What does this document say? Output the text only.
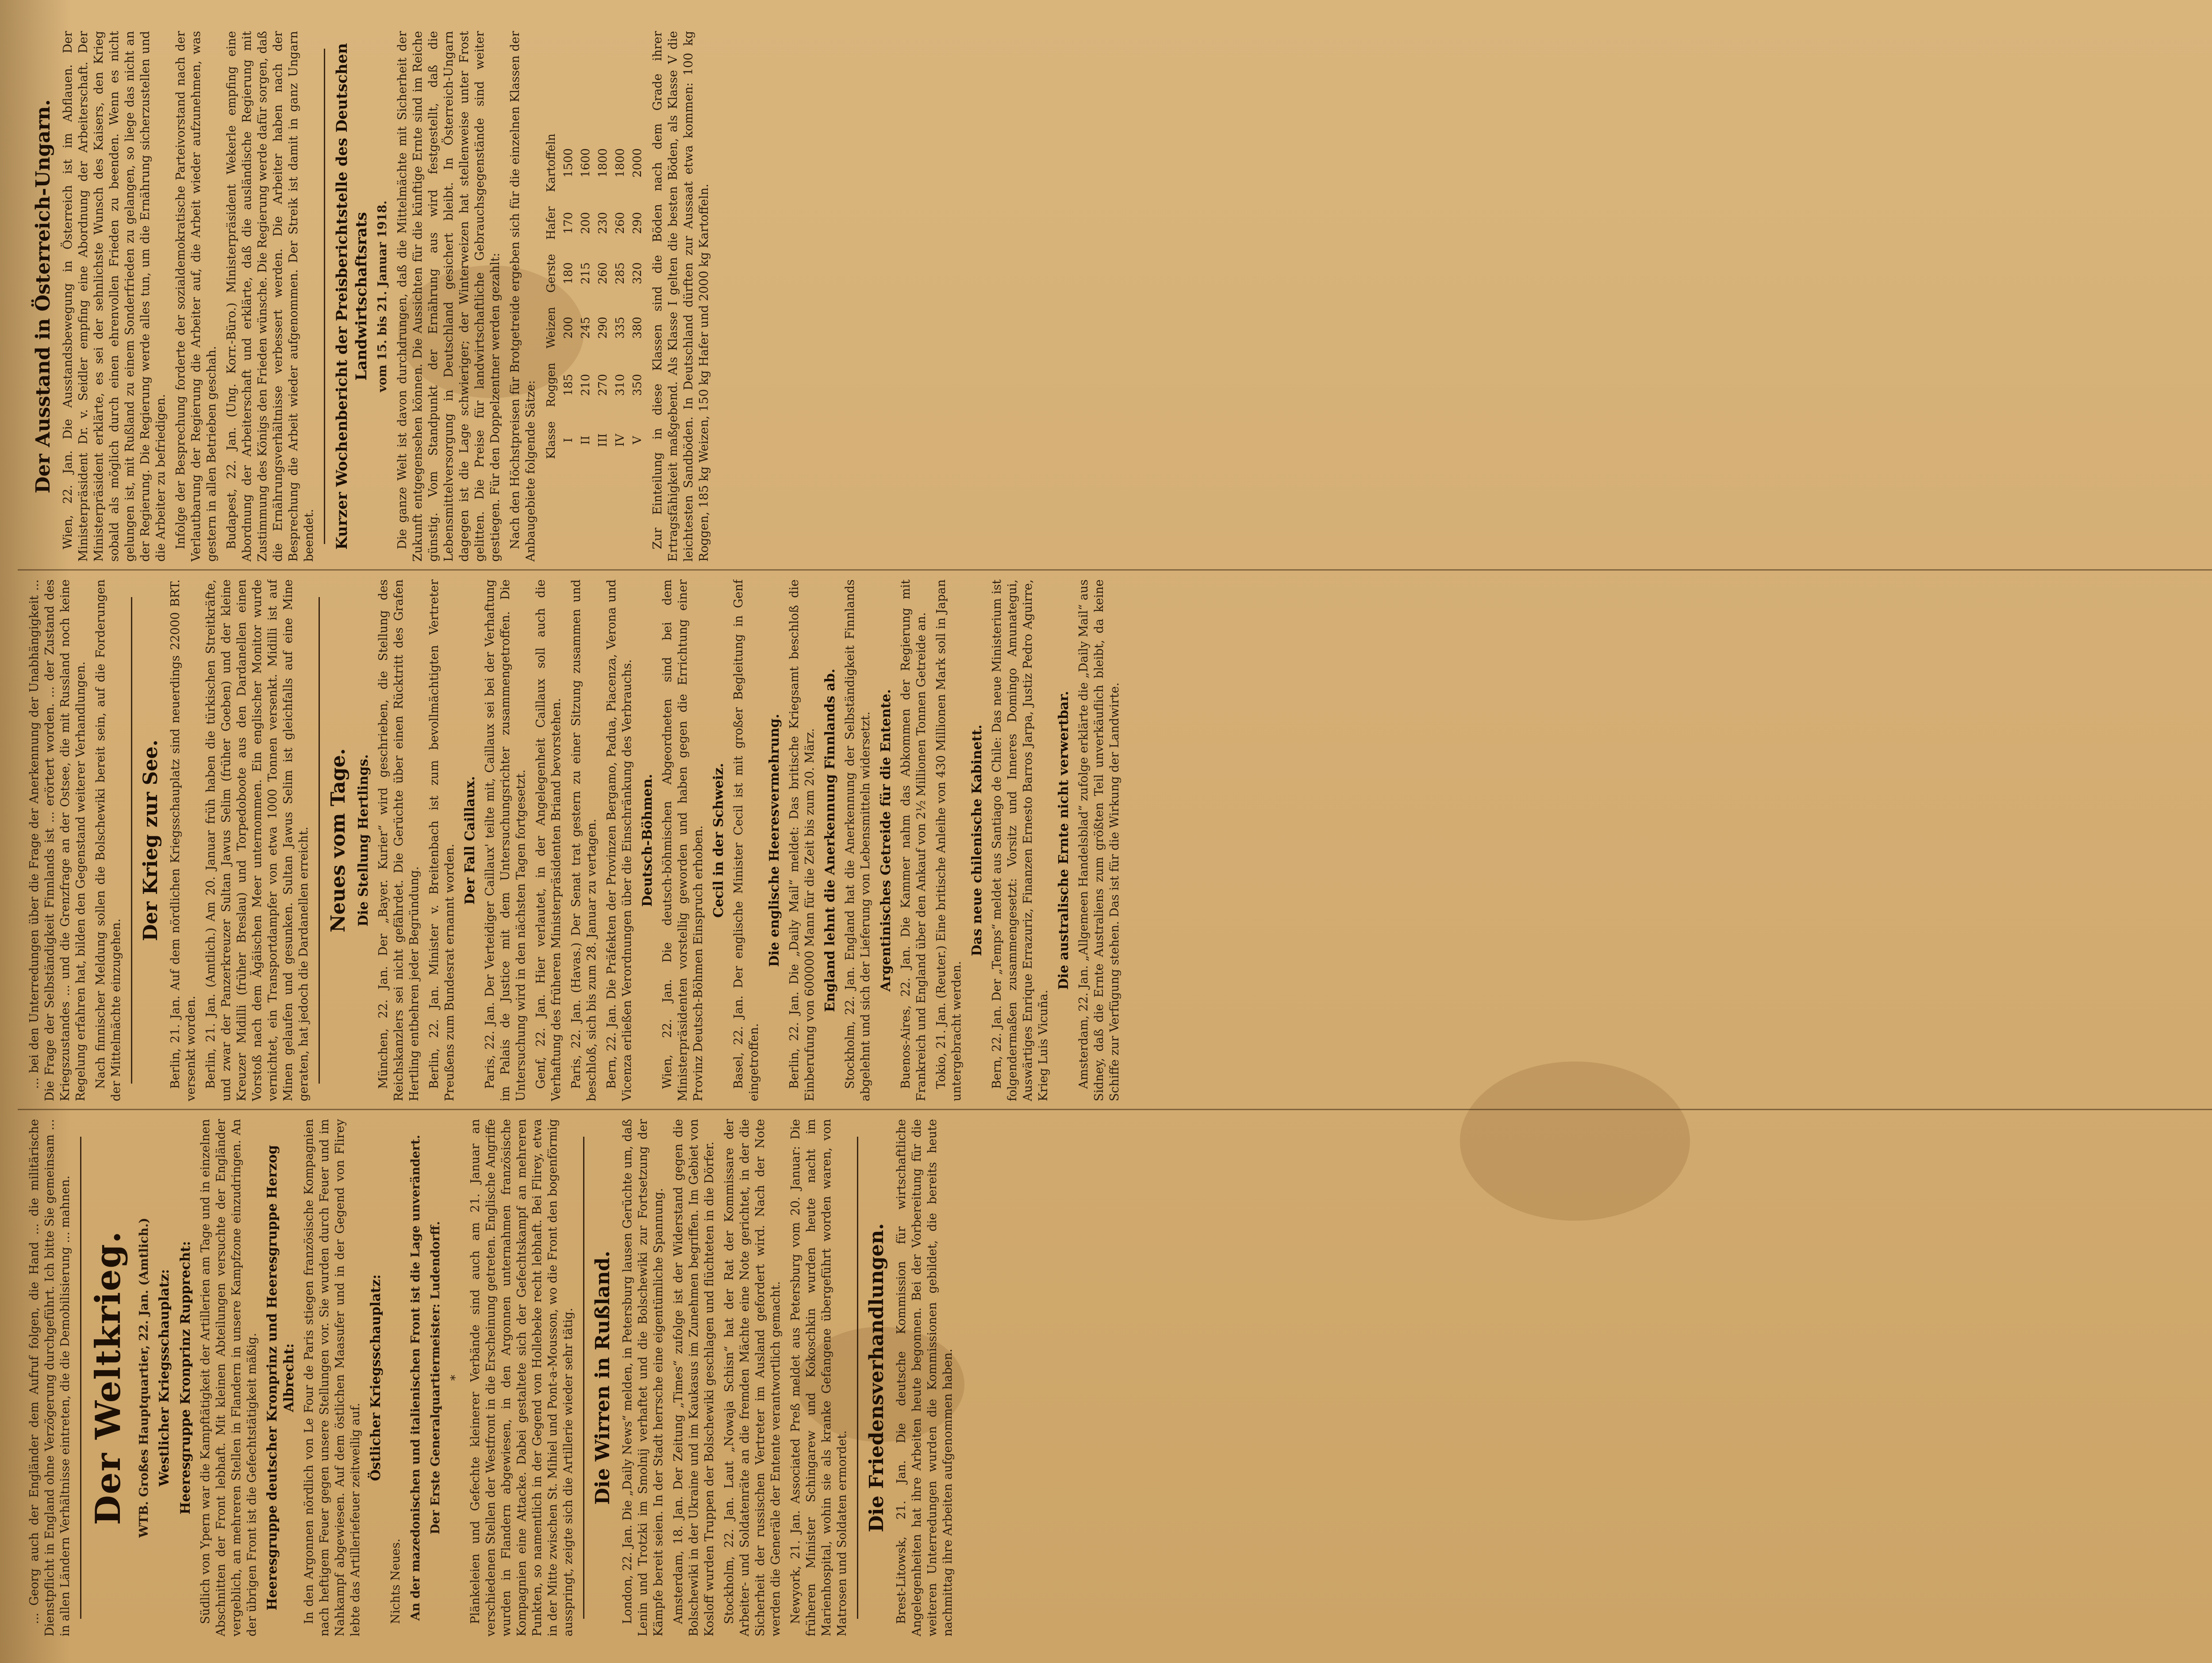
... Georg auch der Engländer dem Aufruf folgen, die Hand ... die militärische Dienstpflicht in England ohne Verzögerung durchgeführt. Ich bitte Sie gemeinsam ... in allen Ländern Verhältnisse eintreten, die die Demobilisierung ... mahnen. Der Weltkrieg. WTB. Großes Hauptquartier, 22. Jan. (Amtlich.) Westlicher Kriegsschauplatz: Heeresgruppe Kronprinz Rupprecht: Südlich von Ypern war die Kampftätigkeit der Artillerien am Tage und in einzelnen Abschnitten der Front lebhaft. Mit kleinen Abteilungen versuchte der Engländer vergeblich, an mehreren Stellen in Flandern in unsere Kampfzone einzudringen. An der übrigen Front ist die Gefechtstätigkeit mäßig. Heeresgruppe deutscher Kronprinz und Heeresgruppe Herzog Albrecht: In den Argonnen nördlich von Le Four de Paris stiegen französische Kompagnien nach heftigem Feuer gegen unsere Stellungen vor. Sie wurden durch Feuer und im Nahkampf abgewiesen. Auf dem östlichen Maasufer und in der Gegend von Flirey lebte das Artilleriefeuer zeitweilig auf.

Östlicher Kriegsschauplatz:

Nichts Neues. An der mazedonischen und italienischen Front ist die Lage unverändert. Der Erste Generalquartiermeister: Ludendorff. * Plänkeleien und Gefechte kleinerer Verbände sind auch am 21. Januar an verschiedenen Stellen der Westfront in die Erscheinung getreten. Englische Angriffe wurden in Flandern abgewiesen, in den Argonnen unternahmen französische Kompagnien eine Attacke. Dabei gestaltete sich der Gefechtskampf an mehreren Punkten, so namentlich in der Gegend von Hollebeke recht lebhaft. Bei Flirey, etwa in der Mitte zwischen St. Mihiel und Pont-a-Mousson, wo die Front den bogenförmig ausspringt, zeigte sich die Artillerie wieder sehr tätig. Die Wirren in Rußland. London, 22. Jan. Die „Daily News“ melden, in Petersburg lausen Gerüchte um, daß Lenin und Trotzki im Smolnij verhaftet und die Bolschewiki zur Fortsetzung der Kämpfe bereit seien. In der Stadt herrsche eine eigentümliche Spannung. Amsterdam, 18. Jan. Der Zeitung „Times“ zufolge ist der Widerstand gegen die Bolschewiki in der Ukraine und im Kaukasus im Zunehmen begriffen. Im Gebiet von Kosloff wurden Truppen der Bolschewiki geschlagen und flüchteten in die Dörfer. Stockholm, 22. Jan. Laut „Nowaja Schisn“ hat der Rat der Kommissare der Arbeiter- und Soldatenräte an die fremden Mächte eine Note gerichtet, in der die Sicherheit der russischen Vertreter im Ausland gefordert wird. Nach der Note werden die Generäle der Entente verantwortlich gemacht. Newyork, 21. Jan. Associated Preß meldet aus Petersburg vom 20. Januar: Die früheren Minister Schingarew und Kokoschkin wurden heute nacht im Marienhospital, wohin sie als kranke Gefangene übergeführt worden waren, von Matrosen und Soldaten ermordet.

Die Friedensverhandlungen. Brest-Litowsk, 21. Jan. Die deutsche Kommission für wirtschaftliche Angelegenheiten hat ihre Arbeiten heute begonnen. Bei der Vorbereitung für die weiteren Unterredungen wurden die Kommissionen gebildet, die bereits heute nachmittag ihre Arbeiten aufgenommen haben.

... bei den Unterredungen über die Frage der Anerkennung der Unabhängigkeit ... Die Frage der Selbständigkeit Finnlands ist ... erörtert worden. ... der Zustand des Kriegszustandes ... und die Grenzfrage an der Ostsee, die mit Russland noch keine Regelung erfahren hat, bilden den Gegenstand weiterer Verhandlungen. Nach finnischer Meldung sollen die Bolschewiki bereit sein, auf die Forderungen der Mittelmächte einzugehen.

Der Krieg zur See. Berlin, 21. Jan. Auf dem nördlichen Kriegsschauplatz sind neuerdings 22000 BRT. versenkt worden. Berlin, 21. Jan. (Amtlich.) Am 20. Januar früh haben die türkischen Streitkräfte, und zwar der Panzerkreuzer Sultan Jawus Selim (früher Goeben) und der kleine Kreuzer Midilli (früher Breslau) und Torpedoboote aus den Dardanellen einen Vorstoß nach dem Ägäischen Meer unternommen. Ein englischer Monitor wurde vernichtet, ein Transportdampfer von etwa 1000 Tonnen versenkt. Midilli ist auf Minen gelaufen und gesunken. Sultan Jawus Selim ist gleichfalls auf eine Mine geraten, hat jedoch die Dardanellen erreicht. Neues vom Tage. Die Stellung Hertlings. München, 22. Jan. Der „Bayer. Kurier“ wird geschrieben, die Stellung des Reichskanzlers sei nicht gefährdet. Die Gerüchte über einen Rücktritt des Grafen Hertling entbehren jeder Begründung. Berlin, 22. Jan. Minister v. Breitenbach ist zum bevollmächtigten Vertreter Preußens zum Bundesrat ernannt worden.

Der Fall Caillaux. Paris, 22. Jan. Der Verteidiger Caillaux' teilte mit, Caillaux sei bei der Verhaftung im Palais de Justice mit dem Untersuchungsrichter zusammengetroffen. Die Untersuchung wird in den nächsten Tagen fortgesetzt. Genf, 22. Jan. Hier verlautet, in der Angelegenheit Caillaux soll auch die Verhaftung des früheren Ministerpräsidenten Briand bevorstehen. Paris, 22. Jan. (Havas.) Der Senat trat gestern zu einer Sitzung zusammen und beschloß, sich bis zum 28. Januar zu vertagen. Bern, 22. Jan. Die Präfekten der Provinzen Bergamo, Padua, Piacenza, Verona und Vicenza erließen Verordnungen über die Einschränkung des Verbrauchs. Deutsch-Böhmen. Wien, 22. Jan. Die deutsch-böhmischen Abgeordneten sind bei dem Ministerpräsidenten vorstellig geworden und haben gegen die Errichtung einer Provinz Deutsch-Böhmen Einspruch erhoben. Cecil in der Schweiz. Basel, 22. Jan. Der englische Minister Cecil ist mit großer Begleitung in Genf eingetroffen.

Die englische Heeresvermehrung. Berlin, 22. Jan. Die „Daily Mail“ meldet: Das britische Kriegsamt beschloß die Einberufung von 600000 Mann für die Zeit bis zum 20. März. England lehnt die Anerkennung Finnlands ab. Stockholm, 22. Jan. England hat die Anerkennung der Selbständigkeit Finnlands abgelehnt und sich der Lieferung von Lebensmitteln widersetzt. Argentinisches Getreide für die Entente. Buenos-Aires, 22. Jan. Die Kammer nahm das Abkommen der Regierung mit Frankreich und England über den Ankauf von 2½ Millionen Tonnen Getreide an. Tokio, 21. Jan. (Reuter.) Eine britische Anleihe von 430 Millionen Mark soll in Japan untergebracht werden.

Das neue chilenische Kabinett. Bern, 22. Jan. Der „Temps“ meldet aus Santiago de Chile: Das neue Ministerium ist folgendermaßen zusammengesetzt: Vorsitz und Inneres Domingo Amunategui, Auswärtiges Enrique Errazuriz, Finanzen Ernesto Barros Jarpa, Justiz Pedro Aguirre, Krieg Luis Vicuña.

Die australische Ernte nicht verwertbar. Amsterdam, 22. Jan. „Allgemeen Handelsblad“ zufolge erklärte die „Daily Mail“ aus Sidney, daß die Ernte Australiens zum größten Teil unverkäuflich bleibt, da keine Schiffe zur Verfügung stehen. Das ist für die Wirkung der Landwirte.

Der Ausstand in Österreich-Ungarn. Wien, 22. Jan. Die Ausstandsbewegung in Österreich ist im Abflauen. Der Ministerpräsident Dr. v. Seidler empfing eine Abordnung der Arbeiterschaft. Der Ministerpräsident erklärte, es sei der sehnlichste Wunsch des Kaisers, den Krieg sobald als möglich durch einen ehrenvollen Frieden zu beenden. Wenn es nicht gelungen ist, mit Rußland zu einem Sonderfrieden zu gelangen, so liege das nicht an der Regierung. Die Regierung werde alles tun, um die Ernährung sicherzustellen und die Arbeiter zu befriedigen. Infolge der Besprechung forderte der sozialdemokratische Parteivorstand nach der Verlautbarung der Regierung die Arbeiter auf, die Arbeit wieder aufzunehmen, was gestern in allen Betrieben geschah. Budapest, 22. Jan. (Ung. Korr.-Büro.) Ministerpräsident Wekerle empfing eine Abordnung der Arbeiterschaft und erklärte, daß die ausländische Regierung mit Zustimmung des Königs den Frieden wünsche. Die Regierung werde dafür sorgen, daß die Ernährungsverhältnisse verbessert werden. Die Arbeiter haben nach der Besprechung die Arbeit wieder aufgenommen. Der Streik ist damit in ganz Ungarn beendet. Kurzer Wochenbericht der Preisberichtstelle des Deutschen Landwirtschaftsrats vom 15. bis 21. Januar 1918. Die ganze Welt ist davon durchdrungen, daß die Mittelmächte mit Sicherheit der Zukunft entgegensehen können. Die Aussichten für die künftige Ernte sind im Reiche günstig. Vom Standpunkt der Ernährung aus wird festgestellt, daß die Lebensmittelversorgung in Deutschland gesichert bleibt. In Österreich-Ungarn dagegen ist die Lage schwieriger; der Winterweizen hat stellenweise unter Frost gelitten. Die Preise für landwirtschaftliche Gebrauchsgegenstände sind weiter gestiegen. Für den Doppelzentner werden gezahlt: Nach den Höchstpreisen für Brotgetreide ergeben sich für die einzelnen Klassen der Anbaugebiete folgende Sätze: Klasse	Roggen	Weizen	Gerste	Hafer	Kartoffeln
I	185	200	180	170	1500
II	210	245	215	200	1600
III	270	290	260	230	1800
IV	310	335	285	260	1800
V	350	380	320	290	2000 Zur Einteilung in diese Klassen sind die Böden nach dem Grade ihrer Ertragsfähigkeit maßgebend. Als Klasse I gelten die besten Böden, als Klasse V die leichtesten Sandböden. In Deutschland dürften zur Aussaat etwa kommen: 100 kg Roggen, 185 kg Weizen, 150 kg Hafer und 2000 kg Kartoffeln.
